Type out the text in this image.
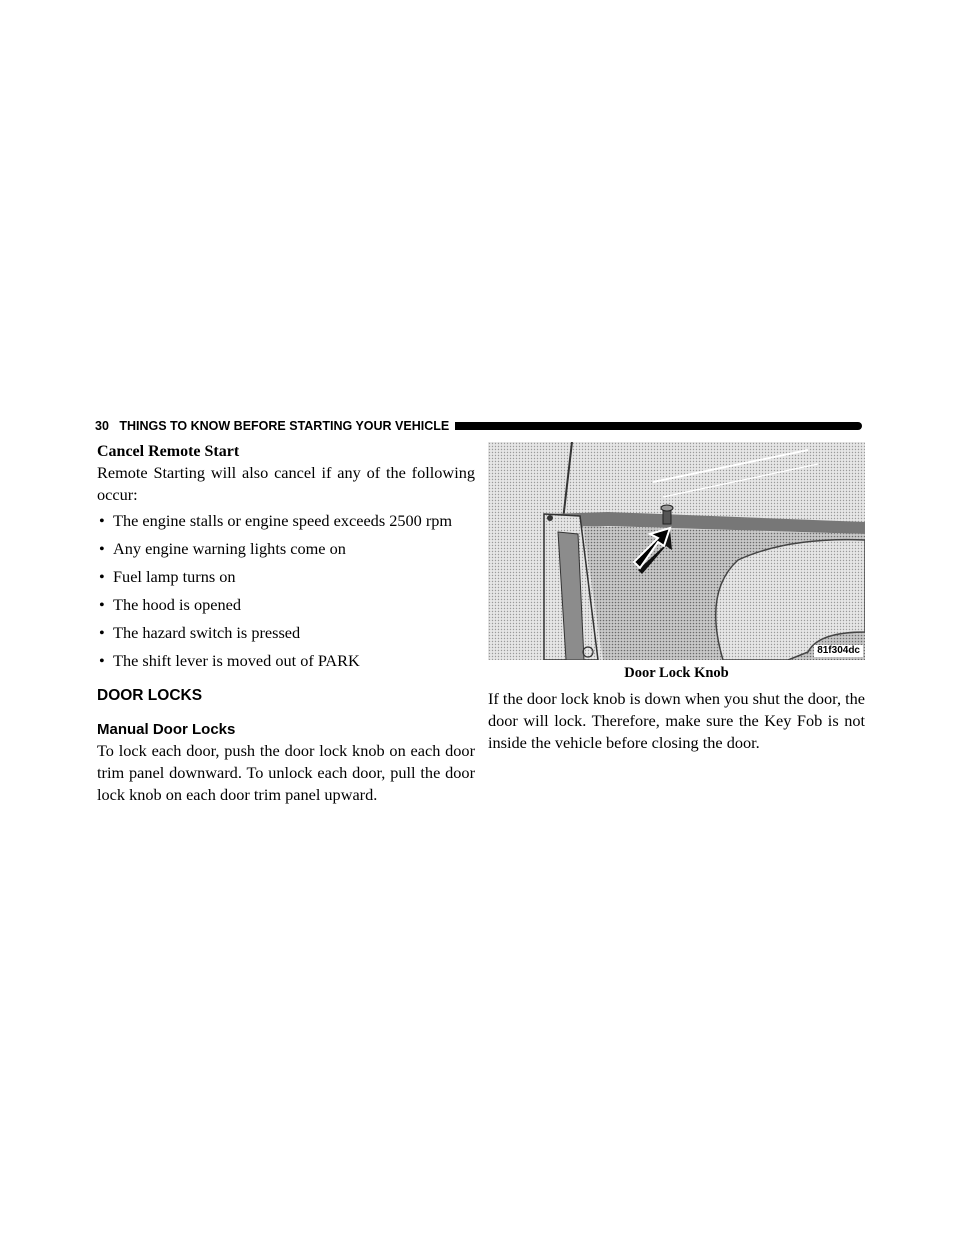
30 THINGS TO KNOW BEFORE STARTING YOUR VEHICLE

Cancel Remote Start

Remote Starting will also cancel if any of the following occur:

• The engine stalls or engine speed exceeds 2500 rpm
• Any engine warning lights come on
• Fuel lamp turns on
• The hood is opened
• The hazard switch is pressed
• The shift lever is moved out of PARK
DOOR LOCKS
Manual Door Locks

To lock each door, push the door lock knob on each door trim panel downward. To unlock each door, pull the door lock knob on each door trim panel upward.

81f304dc

Door Lock Knob

If the door lock knob is down when you shut the door, the door will lock. Therefore, make sure the Key Fob is not inside the vehicle before closing the door.
